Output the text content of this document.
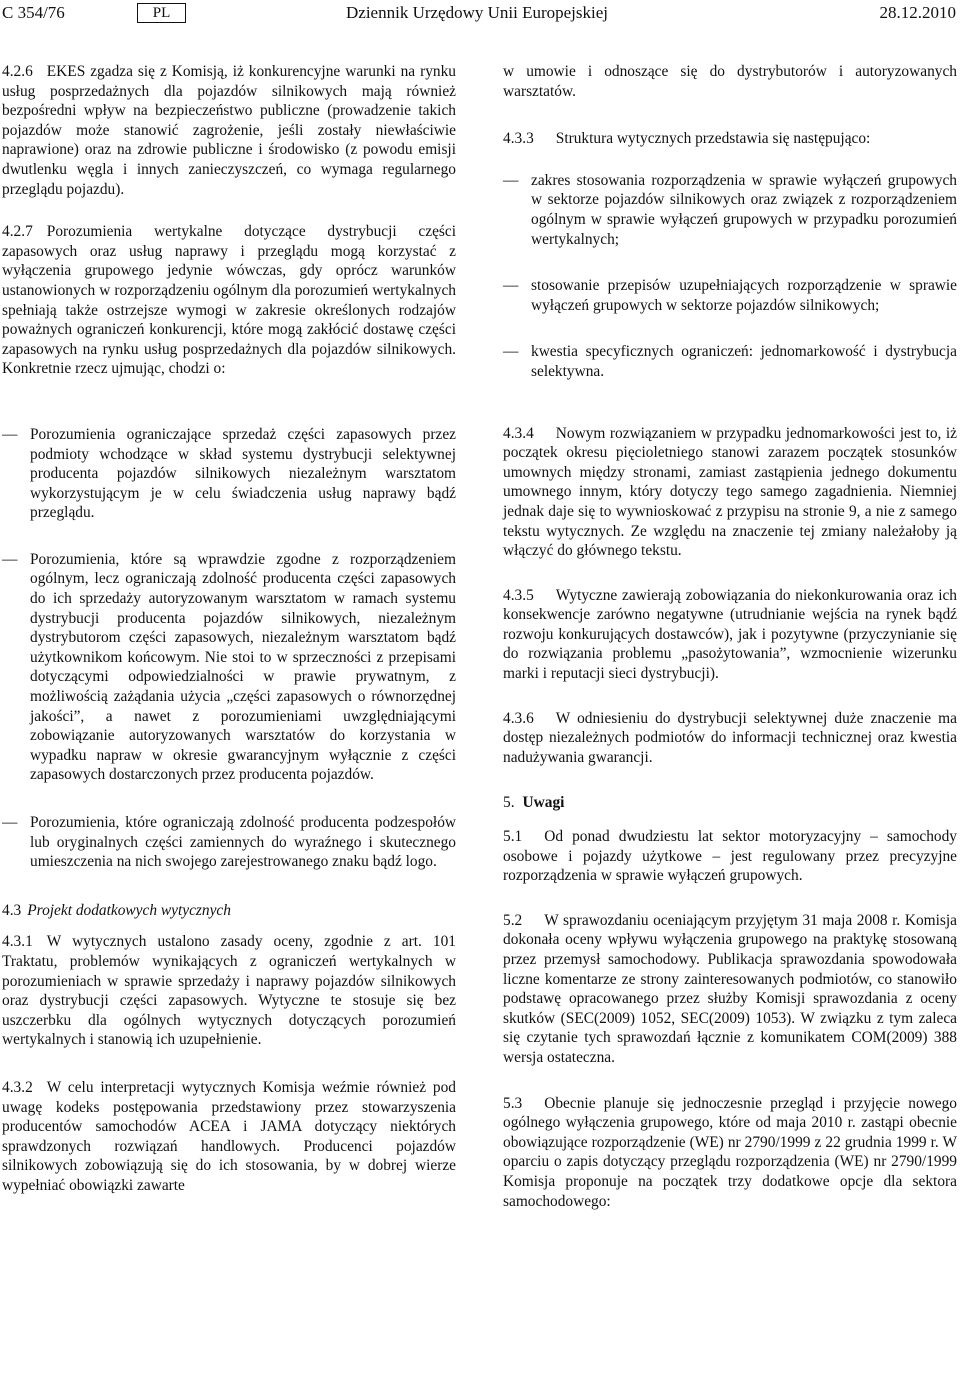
C 354/76	PL	Dziennik Urzędowy Unii Europejskiej	28.12.2010

4.2.6 EKES zgadza się z Komisją, iż konkurencyjne warunki na rynku usług posprzedażnych dla pojazdów silnikowych mają również bezpośredni wpływ na bezpieczeństwo publiczne (prowadzenie takich pojazdów może stanowić zagrożenie, jeśli zostały niewłaściwie naprawione) oraz na zdrowie publiczne i środowisko (z powodu emisji dwutlenku węgla i innych zanieczyszczeń, co wymaga regularnego przeglądu pojazdu).

4.2.7 Porozumienia wertykalne dotyczące dystrybucji części zapasowych oraz usług naprawy i przeglądu mogą korzystać z wyłączenia grupowego jedynie wówczas, gdy oprócz warunków ustanowionych w rozporządzeniu ogólnym dla porozumień wertykalnych spełniają także ostrzejsze wymogi w zakresie określonych rodzajów poważnych ograniczeń konkurencji, które mogą zakłócić dostawę części zapasowych na rynku usług posprzedażnych dla pojazdów silnikowych. Konkretnie rzecz ujmując, chodzi o:

— Porozumienia ograniczające sprzedaż części zapasowych przez podmioty wchodzące w skład systemu dystrybucji selektywnej producenta pojazdów silnikowych niezależnym warsztatom wykorzystującym je w celu świadczenia usług naprawy bądź przeglądu.
— Porozumienia, które są wprawdzie zgodne z rozporządzeniem ogólnym, lecz ograniczają zdolność producenta części zapasowych do ich sprzedaży autoryzowanym warsztatom w ramach systemu dystrybucji producenta pojazdów silnikowych, niezależnym dystrybutorom części zapasowych, niezależnym warsztatom bądź użytkownikom końcowym. Nie stoi to w sprzeczności z przepisami dotyczącymi odpowiedzialności w prawie prywatnym, z możliwością zażądania użycia „części zapasowych o równorzędnej jakości”, a nawet z porozumieniami uwzględniającymi zobowiązanie autoryzowanych warsztatów do korzystania w wypadku napraw w okresie gwarancyjnym wyłącznie z części zapasowych dostarczonych przez producenta pojazdów.
— Porozumienia, które ograniczają zdolność producenta podzespołów lub oryginalnych części zamiennych do wyraźnego i skutecznego umieszczenia na nich swojego zarejestrowanego znaku bądź logo.

4.3 Projekt dodatkowych wytycznych

4.3.1 W wytycznych ustalono zasady oceny, zgodnie z art. 101 Traktatu, problemów wynikających z ograniczeń wertykalnych w porozumieniach w sprawie sprzedaży i naprawy pojazdów silnikowych oraz dystrybucji części zapasowych. Wytyczne te stosuje się bez uszczerbku dla ogólnych wytycznych dotyczących porozumień wertykalnych i stanowią ich uzupełnienie.

4.3.2 W celu interpretacji wytycznych Komisja weźmie również pod uwagę kodeks postępowania przedstawiony przez stowarzyszenia producentów samochodów ACEA i JAMA dotyczący niektórych sprawdzonych rozwiązań handlowych. Producenci pojazdów silnikowych zobowiązują się do ich stosowania, by w dobrej wierze wypełniać obowiązki zawarte

w umowie i odnoszące się do dystrybutorów i autoryzowanych warsztatów.

4.3.3 Struktura wytycznych przedstawia się następująco:

— zakres stosowania rozporządzenia w sprawie wyłączeń grupowych w sektorze pojazdów silnikowych oraz związek z rozporządzeniem ogólnym w sprawie wyłączeń grupowych w przypadku porozumień wertykalnych;
— stosowanie przepisów uzupełniających rozporządzenie w sprawie wyłączeń grupowych w sektorze pojazdów silnikowych;
— kwestia specyficznych ograniczeń: jednomarkowość i dystrybucja selektywna.

4.3.4 Nowym rozwiązaniem w przypadku jednomarkowości jest to, iż początek okresu pięcioletniego stanowi zarazem początek stosunków umownych między stronami, zamiast zastąpienia jednego dokumentu umownego innym, który dotyczy tego samego zagadnienia. Niemniej jednak daje się to wywnioskować z przypisu na stronie 9, a nie z samego tekstu wytycznych. Ze względu na znaczenie tej zmiany należałoby ją włączyć do głównego tekstu.

4.3.5 Wytyczne zawierają zobowiązania do niekonkurowania oraz ich konsekwencje zarówno negatywne (utrudnianie wejścia na rynek bądź rozwoju konkurujących dostawców), jak i pozytywne (przyczynianie się do rozwiązania problemu „pasożytowania”, wzmocnienie wizerunku marki i reputacji sieci dystrybucji).

4.3.6 W odniesieniu do dystrybucji selektywnej duże znaczenie ma dostęp niezależnych podmiotów do informacji technicznej oraz kwestia nadużywania gwarancji.

5. Uwagi

5.1 Od ponad dwudziestu lat sektor motoryzacyjny – samochody osobowe i pojazdy użytkowe – jest regulowany przez precyzyjne rozporządzenia w sprawie wyłączeń grupowych.

5.2 W sprawozdaniu oceniającym przyjętym 31 maja 2008 r. Komisja dokonała oceny wpływu wyłączenia grupowego na praktykę stosowaną przez przemysł samochodowy. Publikacja sprawozdania spowodowała liczne komentarze ze strony zainteresowanych podmiotów, co stanowiło podstawę opracowanego przez służby Komisji sprawozdania z oceny skutków (SEC(2009) 1052, SEC(2009) 1053). W związku z tym zaleca się czytanie tych sprawozdań łącznie z komunikatem COM(2009) 388 wersja ostateczna.

5.3 Obecnie planuje się jednoczesnie przegląd i przyjęcie nowego ogólnego wyłączenia grupowego, które od maja 2010 r. zastąpi obecnie obowiązujące rozporządzenie (WE) nr 2790/1999 z 22 grudnia 1999 r. W oparciu o zapis dotyczący przeglądu rozporządzenia (WE) nr 2790/1999 Komisja proponuje na początek trzy dodatkowe opcje dla sektora samochodowego:
